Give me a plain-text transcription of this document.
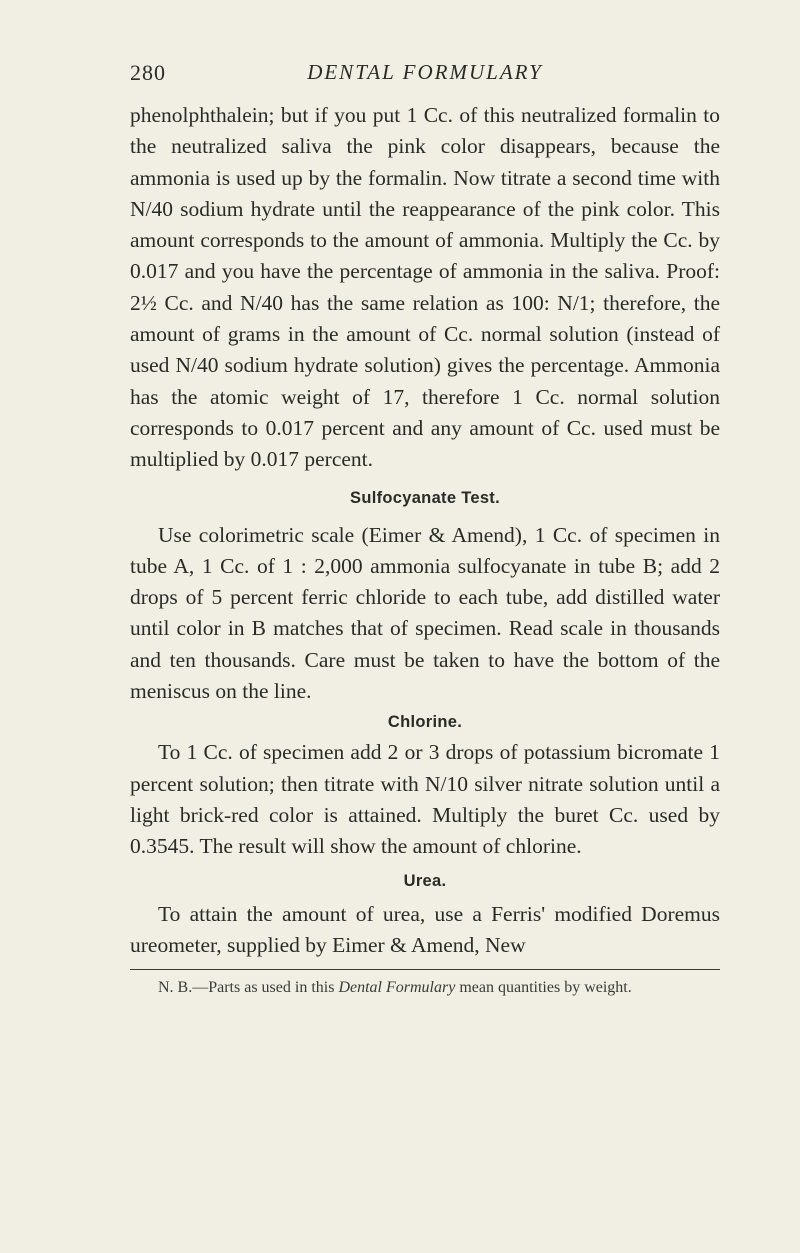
280	DENTAL FORMULARY

phenolphthalein; but if you put 1 Cc. of this neutralized formalin to the neutralized saliva the pink color disappears, because the ammonia is used up by the formalin. Now titrate a second time with N/40 sodium hydrate until the reappearance of the pink color. This amount corresponds to the amount of ammonia. Multiply the Cc. by 0.017 and you have the percentage of ammonia in the saliva. Proof: 2½ Cc. and N/40 has the same relation as 100: N/1; therefore, the amount of grams in the amount of Cc. normal solution (instead of used N/40 sodium hydrate solution) gives the percentage. Ammonia has the atomic weight of 17, therefore 1 Cc. normal solution corresponds to 0.017 percent and any amount of Cc. used must be multiplied by 0.017 percent.

Sulfocyanate Test.

Use colorimetric scale (Eimer & Amend), 1 Cc. of specimen in tube A, 1 Cc. of 1 : 2,000 ammonia sulfocyanate in tube B; add 2 drops of 5 percent ferric chloride to each tube, add distilled water until color in B matches that of specimen. Read scale in thousands and ten thousands. Care must be taken to have the bottom of the meniscus on the line.

Chlorine.

To 1 Cc. of specimen add 2 or 3 drops of potassium bicromate 1 percent solution; then titrate with N/10 silver nitrate solution until a light brick-red color is attained. Multiply the buret Cc. used by 0.3545. The result will show the amount of chlorine.

Urea.

To attain the amount of urea, use a Ferris' modified Doremus ureometer, supplied by Eimer & Amend, New

N. B.—Parts as used in this Dental Formulary mean quantities by weight.
